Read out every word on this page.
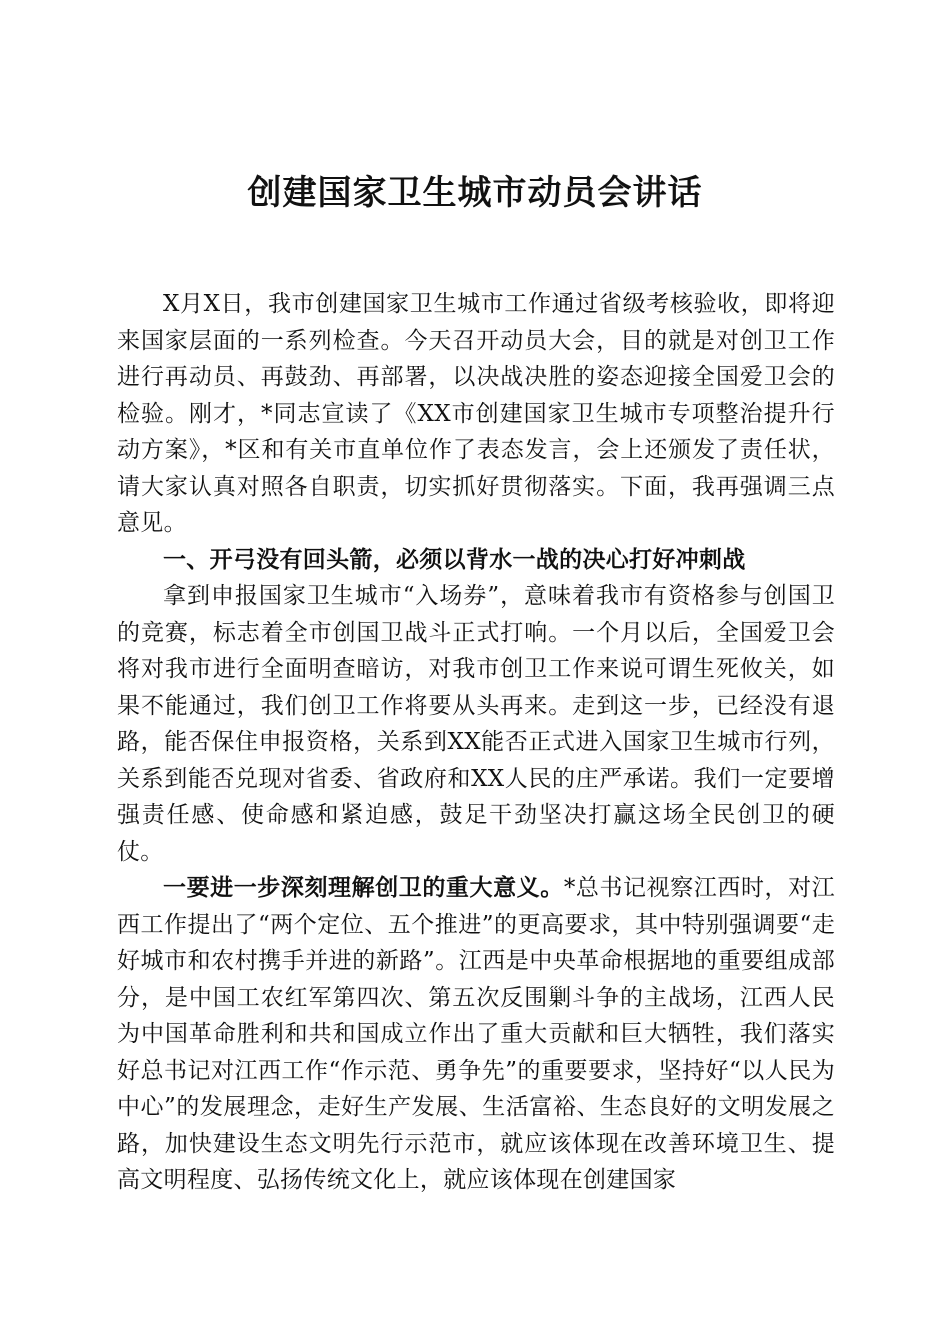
创建国家卫生城市动员会讲话

X月X日，我市创建国家卫生城市工作通过省级考核验收，即将迎来国家层面的一系列检查。今天召开动员大会，目的就是对创卫工作进行再动员、再鼓劲、再部署，以决战决胜的姿态迎接全国爱卫会的检验。刚才，*同志宣读了《XX市创建国家卫生城市专项整治提升行动方案》，*区和有关市直单位作了表态发言，会上还颁发了责任状，请大家认真对照各自职责，切实抓好贯彻落实。下面，我再强调三点意见。

一、开弓没有回头箭，必须以背水一战的决心打好冲刺战

拿到申报国家卫生城市“入场券”，意味着我市有资格参与创国卫的竞赛，标志着全市创国卫战斗正式打响。一个月以后，全国爱卫会将对我市进行全面明查暗访，对我市创卫工作来说可谓生死攸关，如果不能通过，我们创卫工作将要从头再来。走到这一步，已经没有退路，能否保住申报资格，关系到XX能否正式进入国家卫生城市行列，关系到能否兑现对省委、省政府和XX人民的庄严承诺。我们一定要增强责任感、使命感和紧迫感，鼓足干劲坚决打赢这场全民创卫的硬仗。

一要进一步深刻理解创卫的重大意义。*总书记视察江西时，对江西工作提出了“两个定位、五个推进”的更高要求，其中特别强调要“走好城市和农村携手并进的新路”。江西是中央革命根据地的重要组成部分，是中国工农红军第四次、第五次反围剿斗争的主战场，江西人民为中国革命胜利和共和国成立作出了重大贡献和巨大牺牲，我们落实好总书记对江西工作“作示范、勇争先”的重要要求，坚持好“以人民为中心”的发展理念，走好生产发展、生活富裕、生态良好的文明发展之路，加快建设生态文明先行示范市，就应该体现在改善环境卫生、提高文明程度、弘扬传统文化上，就应该体现在创建国家
